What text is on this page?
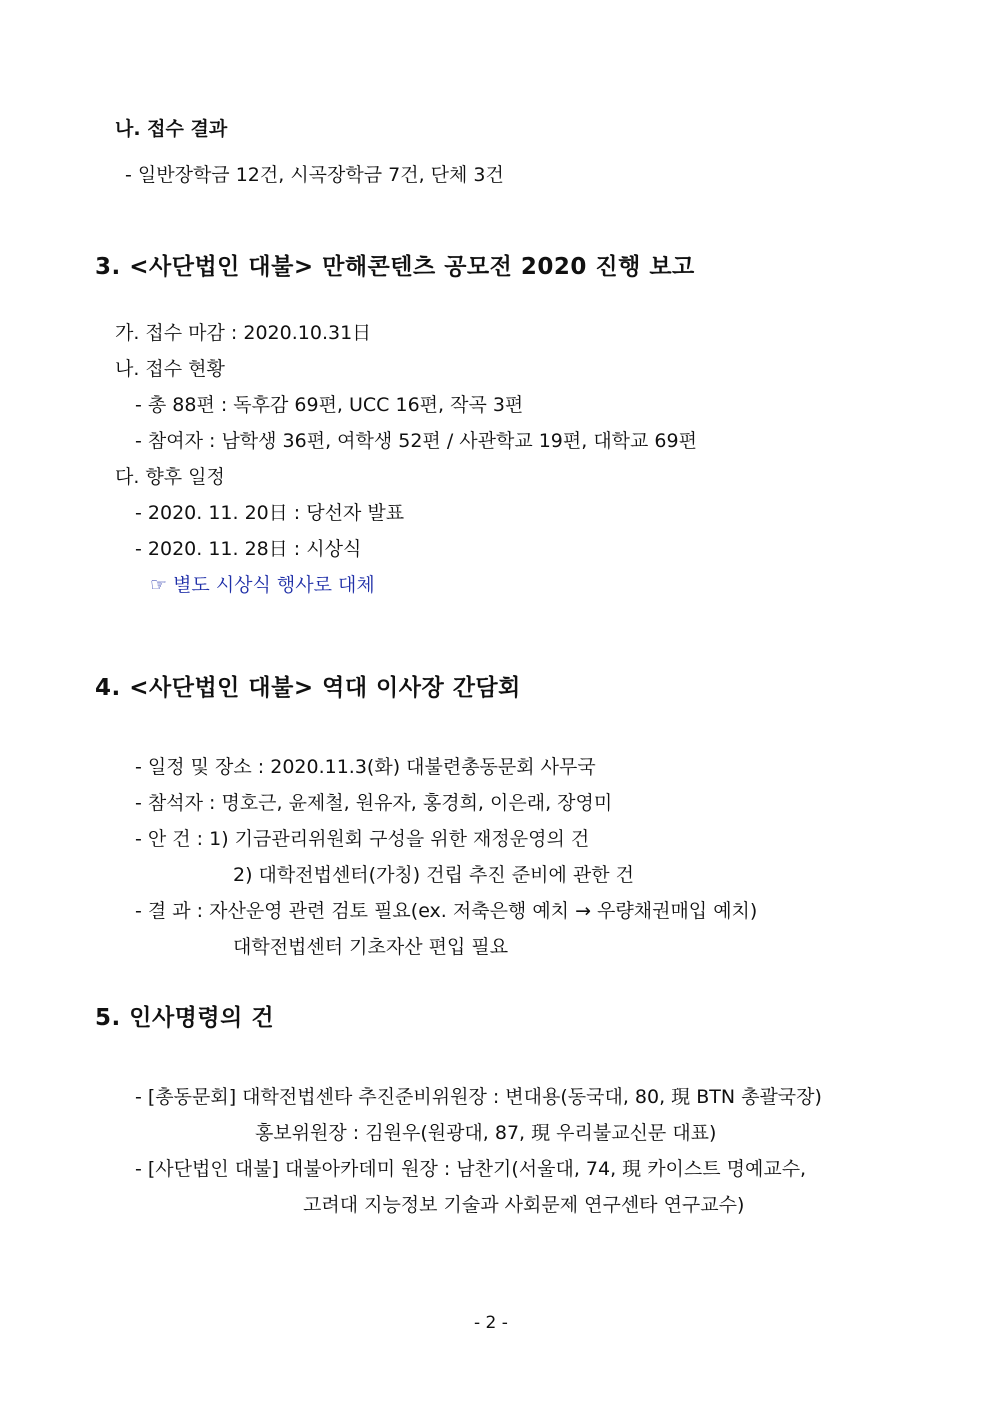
나. 접수 결과
- 일반장학금 12건, 시곡장학금 7건, 단체 3건
3. <사단법인 대불> 만해콘텐츠 공모전 2020 진행 보고
가. 접수 마감 : 2020.10.31日
나. 접수 현황
- 총 88편 : 독후감 69편, UCC 16편, 작곡 3편
- 참여자 : 남학생 36편, 여학생 52편 / 사관학교 19편, 대학교 69편
다. 향후 일정
- 2020. 11. 20日 : 당선자 발표
- 2020. 11. 28日 : 시상식
☞ 별도 시상식 행사로 대체
4. <사단법인 대불> 역대 이사장 간담회
- 일정 및 장소 : 2020.11.3(화) 대불련총동문회 사무국
- 참석자 : 명호근, 윤제철, 원유자, 홍경희, 이은래, 장영미
- 안 건 : 1) 기금관리위원회 구성을 위한 재정운영의 건
2) 대학전법센터(가칭) 건립 추진 준비에 관한 건
- 결 과 : 자산운영 관련 검토 필요(ex. 저축은행 예치 → 우량채권매입 예치)
대학전법센터 기초자산 편입 필요
5. 인사명령의 건
- [총동문회] 대학전법센타 추진준비위원장 : 변대용(동국대, 80, 現 BTN 총괄국장)
홍보위원장 : 김원우(원광대, 87, 現 우리불교신문 대표)
- [사단법인 대불] 대불아카데미 원장 : 남찬기(서울대, 74, 現 카이스트 명예교수,
고려대 지능정보 기술과 사회문제 연구센타 연구교수)
- 2 -
